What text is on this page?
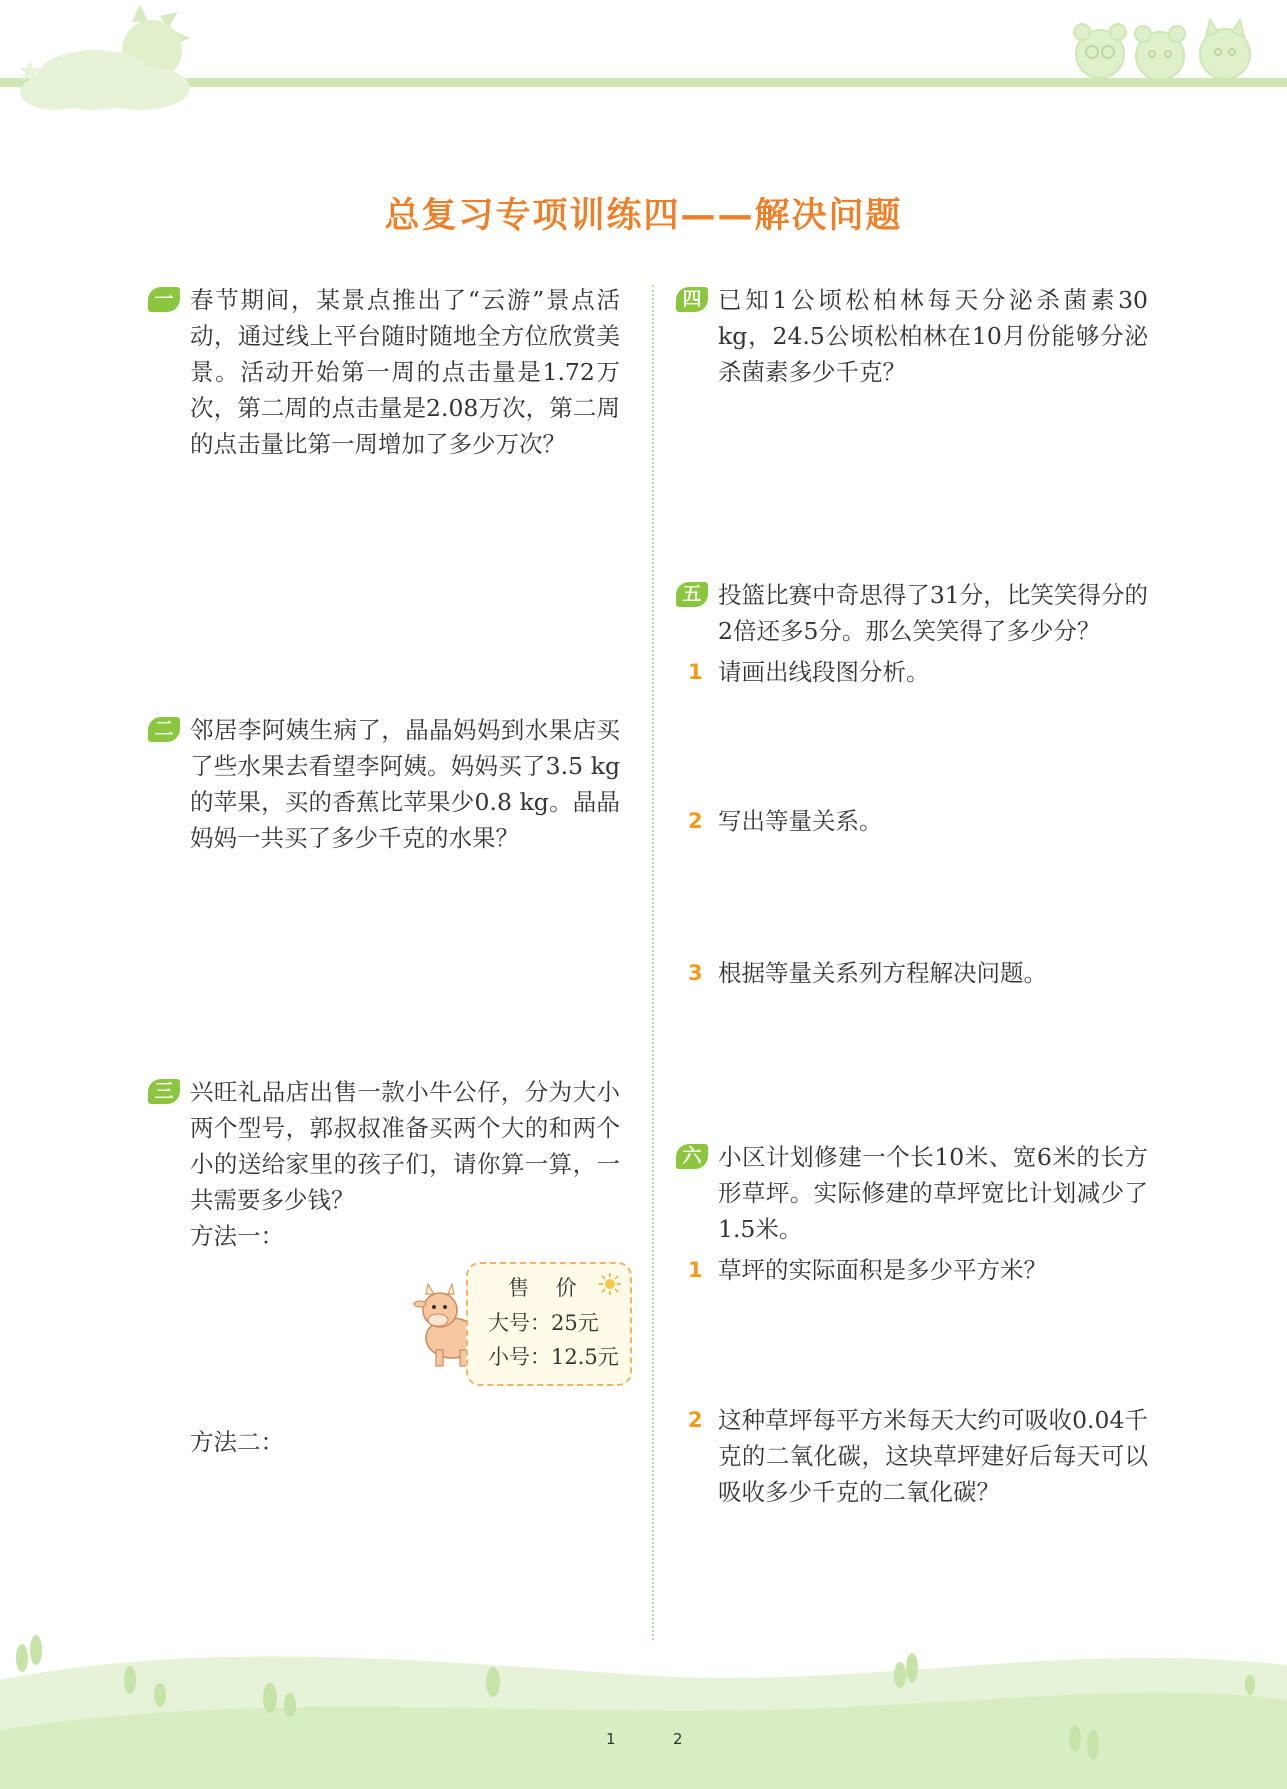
总复习专项训练四——解决问题
一 春节期间，某景点推出了“云游”景点活动，通过线上平台随时随地全方位欣赏美景。活动开始第一周的点击量是1.72万次，第二周的点击量是2.08万次，第二周的点击量比第一周增加了多少万次？
二 邻居李阿姨生病了，晶晶妈妈到水果店买了些水果去看望李阿姨。妈妈买了3.5 kg的苹果，买的香蕉比苹果少0.8 kg。晶晶妈妈一共买了多少千克的水果？
三 兴旺礼品店出售一款小牛公仔，分为大小两个型号，郭叔叔准备买两个大的和两个小的送给家里的孩子们，请你算一算，一共需要多少钱？
方法一：
方法二：
售 价
大号：25元
小号：12.5元
四 已知1公顷松柏林每天分泌杀菌素30 kg，24.5公顷松柏林在10月份能够分泌杀菌素多少千克？
五 投篮比赛中奇思得了31分，比笑笑得分的2倍还多5分。那么笑笑得了多少分？
1 请画出线段图分析。
2 写出等量关系。
3 根据等量关系列方程解决问题。
六 小区计划修建一个长10米、宽6米的长方形草坪。实际修建的草坪宽比计划减少了1.5米。
1 草坪的实际面积是多少平方米？
2 这种草坪每平方米每天大约可吸收0.04千克的二氧化碳，这块草坪建好后每天可以吸收多少千克的二氧化碳？
1	2
